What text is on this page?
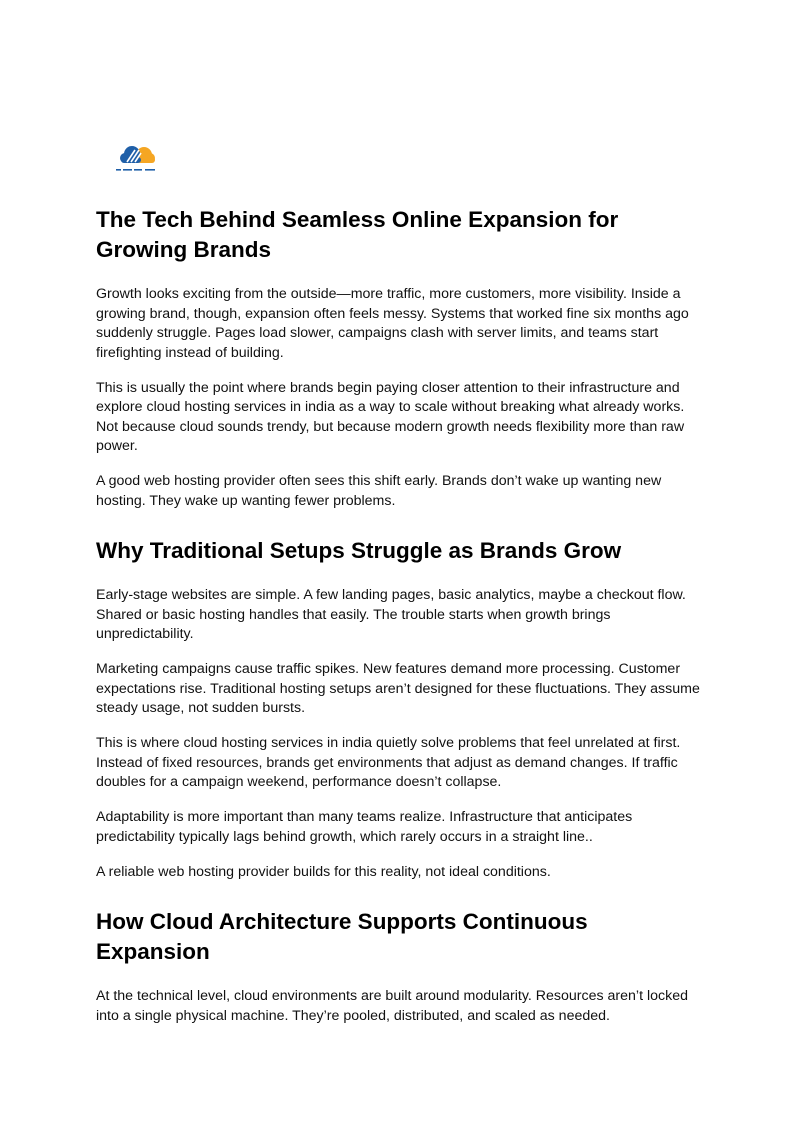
The Tech Behind Seamless Online Expansion for Growing Brands

Growth looks exciting from the outside—more traffic, more customers, more visibility. Inside a growing brand, though, expansion often feels messy. Systems that worked fine six months ago suddenly struggle. Pages load slower, campaigns clash with server limits, and teams start firefighting instead of building.

This is usually the point where brands begin paying closer attention to their infrastructure and explore cloud hosting services in india as a way to scale without breaking what already works. Not because cloud sounds trendy, but because modern growth needs flexibility more than raw power.

A good web hosting provider often sees this shift early. Brands don’t wake up wanting new hosting. They wake up wanting fewer problems.

Why Traditional Setups Struggle as Brands Grow

Early-stage websites are simple. A few landing pages, basic analytics, maybe a checkout flow. Shared or basic hosting handles that easily. The trouble starts when growth brings unpredictability.

Marketing campaigns cause traffic spikes. New features demand more processing. Customer expectations rise. Traditional hosting setups aren’t designed for these fluctuations. They assume steady usage, not sudden bursts.

This is where cloud hosting services in india quietly solve problems that feel unrelated at first. Instead of fixed resources, brands get environments that adjust as demand changes. If traffic doubles for a campaign weekend, performance doesn’t collapse.

Adaptability is more important than many teams realize. Infrastructure that anticipates predictability typically lags behind growth, which rarely occurs in a straight line..

A reliable web hosting provider builds for this reality, not ideal conditions.

How Cloud Architecture Supports Continuous Expansion

At the technical level, cloud environments are built around modularity. Resources aren’t locked into a single physical machine. They’re pooled, distributed, and scaled as needed.
